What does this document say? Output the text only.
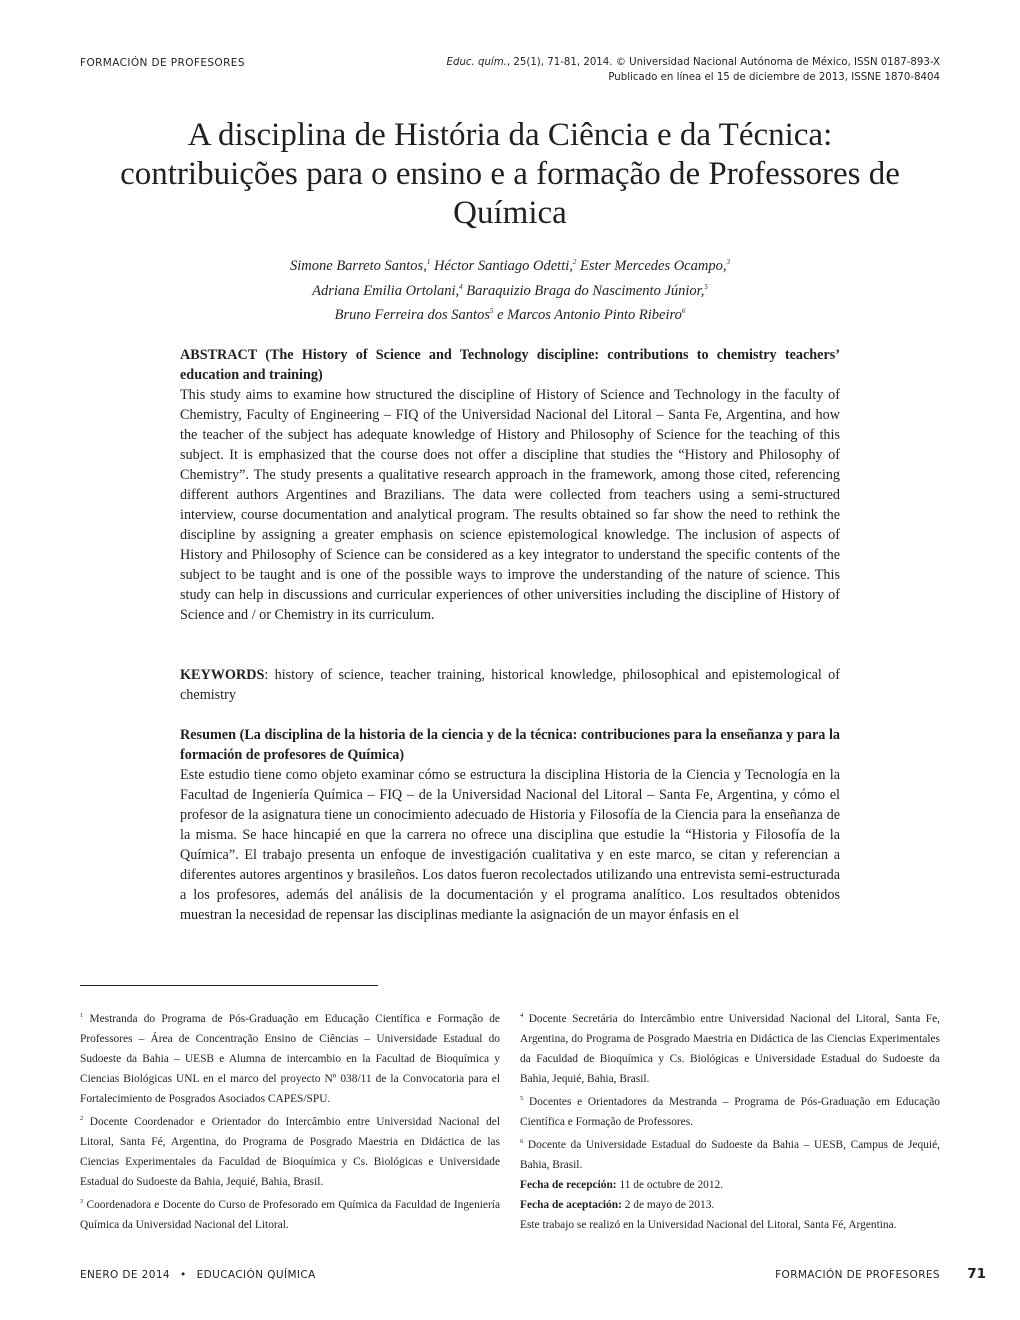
FORMACIÓN DE PROFESORES	Educ. quím., 25(1), 71-81, 2014. © Universidad Nacional Autónoma de México, ISSN 0187-893-X
Publicado en línea el 15 de diciembre de 2013, ISSNE 1870-8404
A disciplina de História da Ciência e da Técnica: contribuições para o ensino e a formação de Professores de Química
Simone Barreto Santos,$^1$ Héctor Santiago Odetti,$^2$ Ester Mercedes Ocampo,$^3$
Adriana Emilia Ortolani,$^4$ Baraquizio Braga do Nascimento Júnior,$^5$
Bruno Ferreira dos Santos$^5$ e Marcos Antonio Pinto Ribeiro$^6$
ABSTRACT (The History of Science and Technology discipline: contributions to chemistry teachers’ education and training)

This study aims to examine how structured the discipline of History of Science and Technology in the faculty of Chemistry, Faculty of Engineering – FIQ of the Universidad Nacional del Litoral – Santa Fe, Argentina, and how the teacher of the subject has adequate knowledge of History and Philosophy of Science for the teaching of this subject. It is emphasized that the course does not offer a discipline that studies the “History and Philosophy of Chemistry”. The study presents a qualitative research approach in the framework, among those cited, referencing different authors Argentines and Brazilians. The data were collected from teachers using a semi-structured interview, course documentation and analytical program. The results obtained so far show the need to rethink the discipline by assigning a greater emphasis on science epistemological knowledge. The inclusion of aspects of History and Philosophy of Science can be considered as a key integrator to understand the specific contents of the subject to be taught and is one of the possible ways to improve the understanding of the nature of science. This study can help in discussions and curricular experiences of other universities including the discipline of History of Science and / or Chemistry in its curriculum.

KEYWORDS: history of science, teacher training, historical knowledge, philosophical and epistemological of chemistry
Resumen (La disciplina de la historia de la ciencia y de la técnica: contribuciones para la enseñanza y para la formación de profesores de Química)

Este estudio tiene como objeto examinar cómo se estructura la disciplina Historia de la Ciencia y Tecnología en la Facultad de Ingeniería Química – FIQ – de la Universidad Nacional del Litoral – Santa Fe, Argentina, y cómo el profesor de la asignatura tiene un conocimiento adecuado de Historia y Filosofía de la Ciencia para la enseñanza de la misma. Se hace hincapié en que la carrera no ofrece una disciplina que estudie la “Historia y Filosofía de la Química”. El trabajo presenta un enfoque de investigación cualitativa y en este marco, se citan y referencian a diferentes autores argentinos y brasileños. Los datos fueron recolectados utilizando una entrevista semi-estructurada a los profesores, además del análisis de la documentación y el programa analítico. Los resultados obtenidos muestran la necesidad de repensar las disciplinas mediante la asignación de un mayor énfasis en el

$^1$ Mestranda do Programa de Pós-Graduação em Educação Científica e Formação de Professores – Área de Concentração Ensino de Ciências – Universidade Estadual do Sudoeste da Bahia – UESB e Alumna de intercambio en la Facultad de Bioquímica y Ciencias Biológicas UNL en el marco del proyecto Nº 038/11 de la Convocatoria para el Fortalecimiento de Posgrados Asociados CAPES/SPU.

$^2$ Docente Coordenador e Orientador do Intercâmbio entre Universidad Nacional del Litoral, Santa Fé, Argentina, do Programa de Posgrado Maestria en Didáctica de las Ciencias Experimentales da Faculdad de Bioquímica y Cs. Biológicas e Universidade Estadual do Sudoeste da Bahia, Jequié, Bahia, Brasil.

$^3$ Coordenadora e Docente do Curso de Profesorado em Química da Faculdad de Ingeniería Química da Universidad Nacional del Litoral.

$^4$ Docente Secretária do Intercâmbio entre Universidad Nacional del Litoral, Santa Fe, Argentina, do Programa de Posgrado Maestria en Didáctica de las Ciencias Experimentales da Faculdad de Bioquímica y Cs. Biológicas e Universidade Estadual do Sudoeste da Bahia, Jequié, Bahia, Brasil.

$^5$ Docentes e Orientadores da Mestranda – Programa de Pós-Graduação em Educação Científica e Formação de Professores.

$^6$ Docente da Universidade Estadual do Sudoeste da Bahia – UESB, Campus de Jequié, Bahia, Brasil.

Fecha de recepción: 11 de octubre de 2012.

Fecha de aceptación: 2 de mayo de 2013.

Este trabajo se realizó en la Universidad Nacional del Litoral, Santa Fé, Argentina.

ENERO DE 2014 • EDUCACIÓN QUÍMICA	FORMACIÓN DE PROFESORES 71
